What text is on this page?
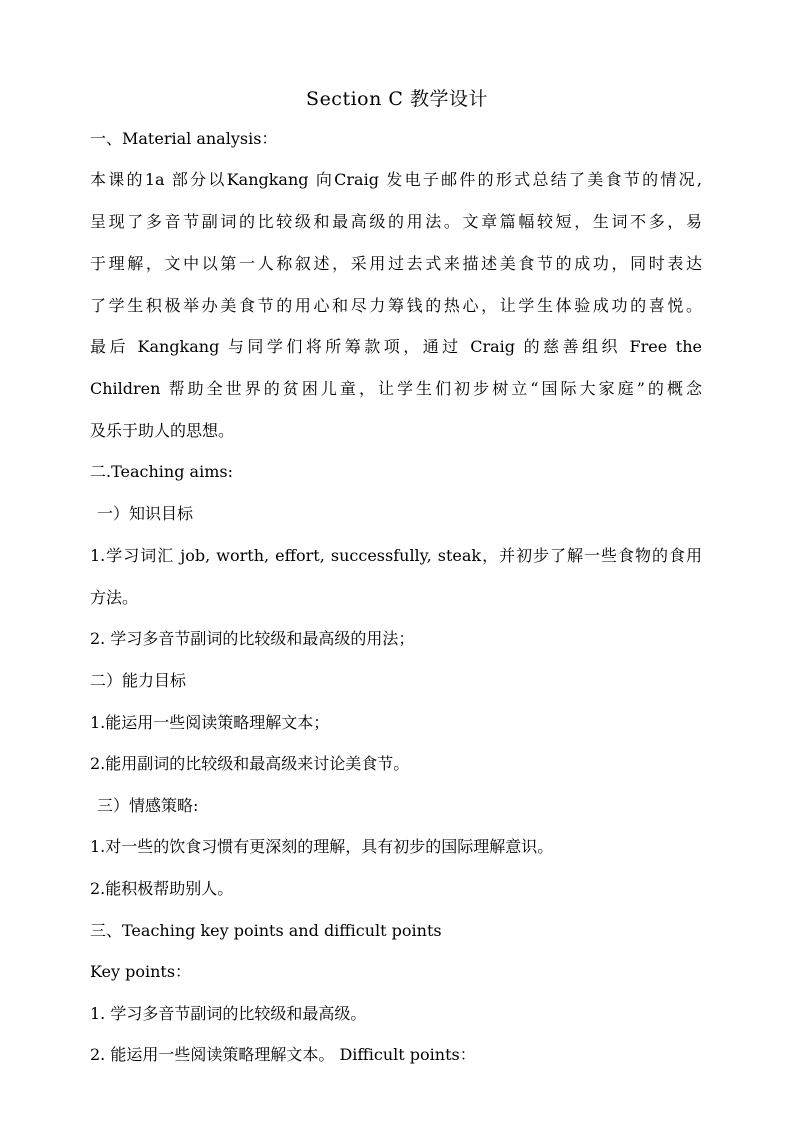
Section C 教学设计
一、Material analysis：
本课的1a 部分以Kangkang 向Craig 发电子邮件的形式总结了美食节的情况,
呈现了多音节副词的比较级和最高级的用法。文章篇幅较短，生词不多，易
于理解，文中以第一人称叙述，采用过去式来描述美食节的成功，同时表达
了学生积极举办美食节的用心和尽力筹钱的热心，让学生体验成功的喜悦。
最后 Kangkang 与同学们将所筹款项，通过 Craig 的慈善组织 Free the
Children 帮助全世界的贫困儿童，让学生们初步树立“国际大家庭”的概念
及乐于助人的思想。
二.Teaching aims:
一）知识目标
1.学习词汇 job, worth, effort, successfully, steak，并初步了解一些食物的食用
方法。
2. 学习多音节副词的比较级和最高级的用法；
二）能力目标
1.能运用一些阅读策略理解文本；
2.能用副词的比较级和最高级来讨论美食节。
三）情感策略:
1.对一些的饮食习惯有更深刻的理解，具有初步的国际理解意识。
2.能积极帮助别人。
三、Teaching key points and difficult points
Key points：
1. 学习多音节副词的比较级和最高级。
2. 能运用一些阅读策略理解文本。 Difficult points：
